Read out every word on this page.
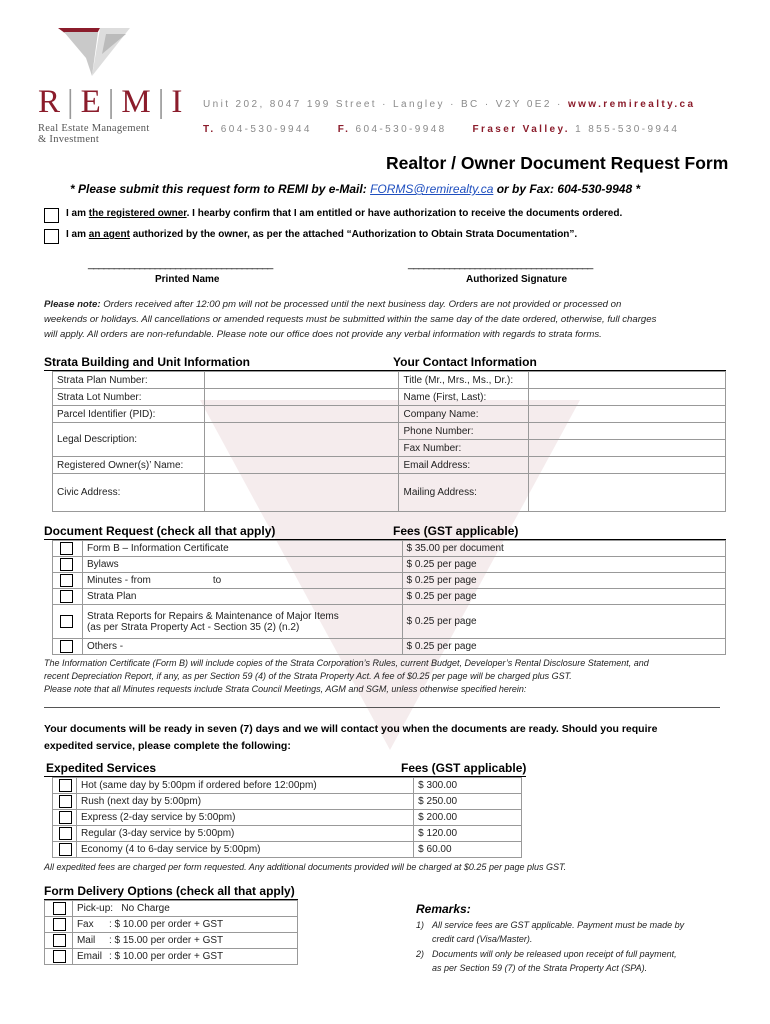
R | E | M | I
Real Estate Management
& Investment
Unit 202, 8047 199 Street · Langley · BC · V2Y 0E2 · www.remirealty.ca
T. 604-530-9944	F. 604-530-9948	Fraser Valley. 1 855-530-9944
Realtor / Owner Document Request Form
* Please submit this request form to REMI by e-Mail: FORMS@remirealty.ca or by Fax: 604-530-9948 *
I am the registered owner. I hearby confirm that I am entitled or have authorization to receive the documents ordered.
I am an agent authorized by the owner, as per the attached “Authorization to Obtain Strata Documentation”.
____________________________________
Printed Name
____________________________________
Authorized Signature
Please note: Orders received after 12:00 pm will not be processed until the next business day. Orders are not provided or processed on
weekends or holidays. All cancellations or amended requests must be submitted within the same day of the date ordered, otherwise, full charges
will apply. All orders are non-refundable. Please note our office does not provide any verbal information with regards to strata forms.
Strata Building and Unit Information	Your Contact Information
Strata Plan Number:		Title (Mr., Mrs., Ms., Dr.):	
Strata Lot Number:		Name (First, Last):	
Parcel Identifier (PID):		Company Name:	
Legal Description:		Phone Number:	
		Fax Number:	
Registered Owner(s)’ Name:		Email Address:	
Civic Address:		Mailing Address:	
Document Request (check all that apply)	Fees (GST applicable)
	Form B – Information Certificate	$ 35.00 per document

	Bylaws	$ 0.25 per page

	Minutes - from to	$ 0.25 per page

	Strata Plan	$ 0.25 per page

	Strata Reports for Repairs & Maintenance of Major Items
(as per Strata Property Act - Section 35 (2) (n.2)	$ 0.25 per page

	Others -	$ 0.25 per page
The Information Certificate (Form B) will include copies of the Strata Corporation’s Rules, current Budget, Developer’s Rental Disclosure Statement, and
recent Depreciation Report, if any, as per Section 59 (4) of the Strata Property Act. A fee of $0.25 per page will be charged plus GST.
Please note that all Minutes requests include Strata Council Meetings, AGM and SGM, unless otherwise specified herein:
Your documents will be ready in seven (7) days and we will contact you when the documents are ready. Should you require
expedited service, please complete the following:
Expedited Services	Fees (GST applicable)
	Hot (same day by 5:00pm if ordered before 12:00pm)	$ 300.00

	Rush (next day by 5:00pm)	$ 250.00

	Express (2-day service by 5:00pm)	$ 200.00

	Regular (3-day service by 5:00pm)	$ 120.00

	Economy (4 to 6-day service by 5:00pm)	$ 60.00
All expedited fees are charged per form requested. Any additional documents provided will be charged at $0.25 per page plus GST.
Form Delivery Options (check all that apply)
	Pick-up: No Charge

	Fax : $ 10.00 per order + GST

	Mail : $ 15.00 per order + GST

	Email : $ 10.00 per order + GST
Remarks:
1) All service fees are GST applicable. Payment must be made by
credit card (Visa/Master).
2) Documents will only be released upon receipt of full payment,
as per Section 59 (7) of the Strata Property Act (SPA).
